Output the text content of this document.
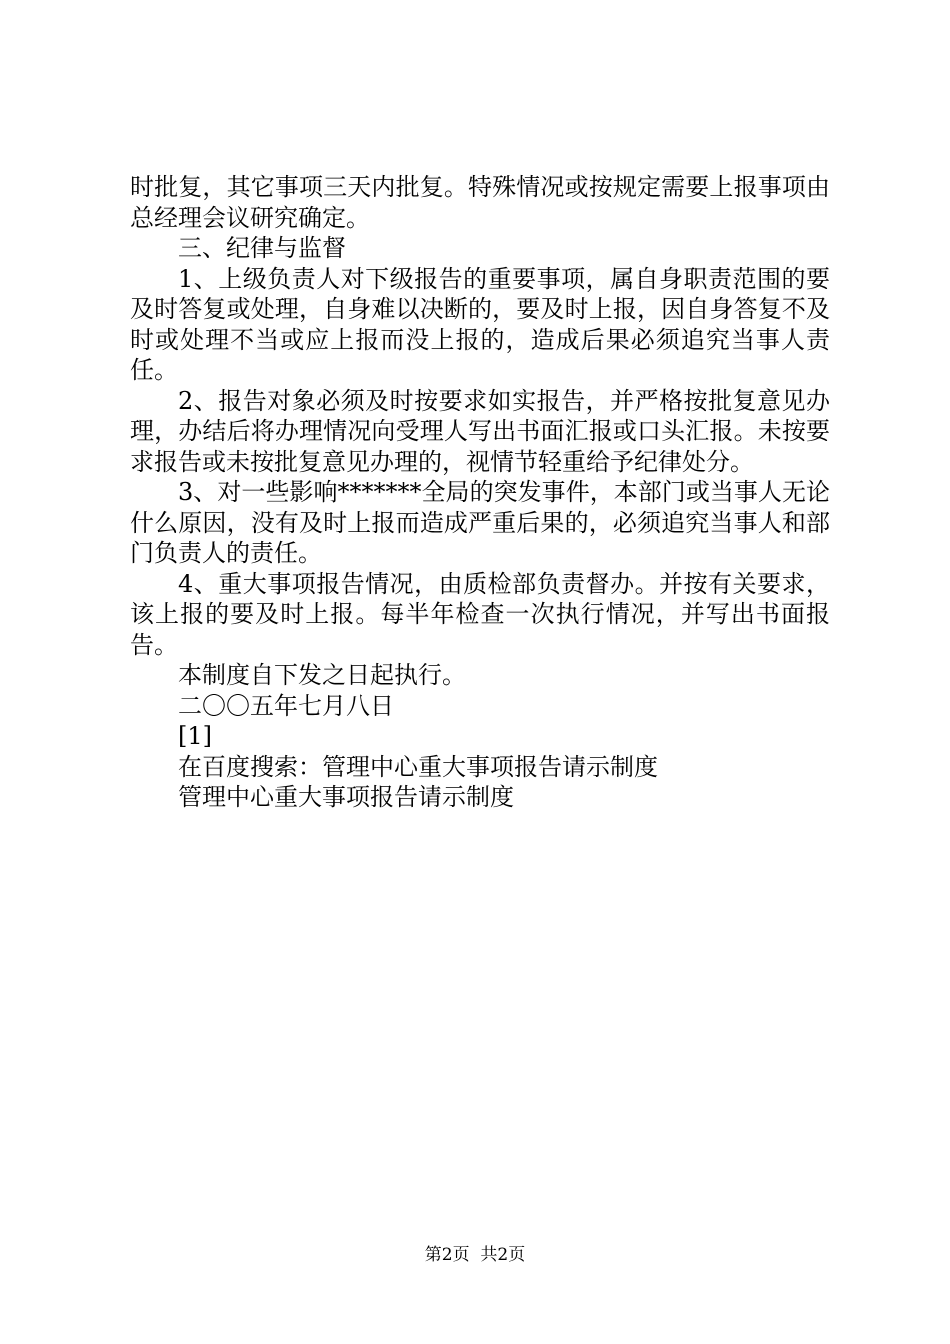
时批复，其它事项三天内批复。特殊情况或按规定需要上报事项由总经理会议研究确定。

三、纪律与监督

1、上级负责人对下级报告的重要事项，属自身职责范围的要及时答复或处理，自身难以决断的，要及时上报，因自身答复不及时或处理不当或应上报而没上报的，造成后果必须追究当事人责任。

2、报告对象必须及时按要求如实报告，并严格按批复意见办理，办结后将办理情况向受理人写出书面汇报或口头汇报。未按要求报告或未按批复意见办理的，视情节轻重给予纪律处分。

3、对一些影响*******全局的突发事件，本部门或当事人无论什么原因，没有及时上报而造成严重后果的，必须追究当事人和部门负责人的责任。

4、重大事项报告情况，由质检部负责督办。并按有关要求，该上报的要及时上报。每半年检查一次执行情况，并写出书面报告。

本制度自下发之日起执行。

二〇〇五年七月八日

[1]

在百度搜索：管理中心重大事项报告请示制度

管理中心重大事项报告请示制度

第2页  共2页
